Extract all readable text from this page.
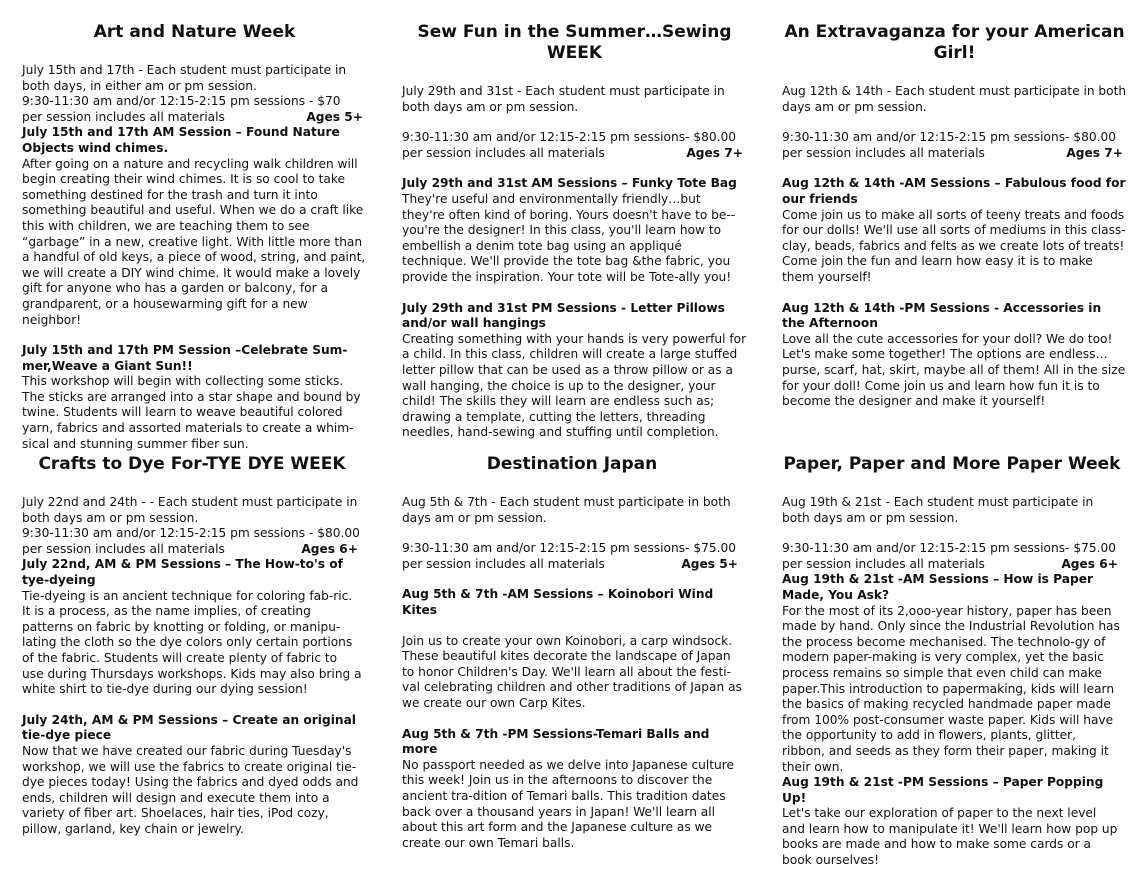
Art and Nature Week
July 15th and 17th - Each student must participate in both days, in either am or pm session.
9:30-11:30 am and/or 12:15-2:15 pm sessions - $70
per session includes all materials	Ages 5+
July 15th and 17th AM Session – Found Nature Objects wind chimes.
After going on a nature and recycling walk children will begin creating their wind chimes. It is so cool to take something destined for the trash and turn it into something beautiful and useful. When we do a craft like this with children, we are teaching them to see “garbage” in a new, creative light. With little more than a handful of old keys, a piece of wood, string, and paint, we will create a DIY wind chime. It would make a lovely gift for anyone who has a garden or balcony, for a grandparent, or a housewarming gift for a new neighbor!
July 15th and 17th PM Session –Celebrate Sum-mer,Weave a Giant Sun!!
This workshop will begin with collecting some sticks. The sticks are arranged into a star shape and bound by twine. Students will learn to weave beautiful colored yarn, fabrics and assorted materials to create a whim-sical and stunning summer fiber sun.
Sew Fun in the Summer…Sewing WEEK
July 29th and 31st - Each student must participate in both days am or pm session.
9:30-11:30 am and/or 12:15-2:15 pm sessions- $80.00
per session includes all materials	Ages 7+
July 29th and 31st AM Sessions – Funky Tote Bag
They're useful and environmentally friendly…but they're often kind of boring. Yours doesn't have to be--you're the designer! In this class, you'll learn how to embellish a denim tote bag using an appliqué technique. We'll provide the tote bag &the fabric, you provide the inspiration. Your tote will be Tote-ally you!
July 29th and 31st PM Sessions - Letter Pillows and/or wall hangings
Creating something with your hands is very powerful for a child. In this class, children will create a large stuffed letter pillow that can be used as a throw pillow or as a wall hanging, the choice is up to the designer, your child! The skills they will learn are endless such as; drawing a template, cutting the letters, threading needles, hand-sewing and stuffing until completion.
An Extravaganza for your American Girl!
Aug 12th & 14th - Each student must participate in both days am or pm session.
9:30-11:30 am and/or 12:15-2:15 pm sessions- $80.00
per session includes all materials	Ages 7+
Aug 12th & 14th -AM Sessions – Fabulous food for our friends
Come join us to make all sorts of teeny treats and foods for our dolls! We'll use all sorts of mediums in this class- clay, beads, fabrics and felts as we create lots of treats! Come join the fun and learn how easy it is to make them yourself!
Aug 12th & 14th -PM Sessions - Accessories in the Afternoon
Love all the cute accessories for your doll? We do too! Let's make some together! The options are endless… purse, scarf, hat, skirt, maybe all of them! All in the size for your doll! Come join us and learn how fun it is to become the designer and make it yourself!
Crafts to Dye For-TYE DYE WEEK
July 22nd and 24th - - Each student must participate in both days am or pm session.
9:30-11:30 am and/or 12:15-2:15 pm sessions - $80.00
per session includes all materials	Ages 6+
July 22nd, AM & PM Sessions – The How-to's of tye-dyeing
Tie-dyeing is an ancient technique for coloring fab-ric. It is a process, as the name implies, of creating patterns on fabric by knotting or folding, or manipu-lating the cloth so the dye colors only certain portions of the fabric. Students will create plenty of fabric to use during Thursdays workshops. Kids may also bring a white shirt to tie-dye during our dying session!
July 24th, AM & PM Sessions – Create an original tie-dye piece
Now that we have created our fabric during Tuesday's workshop, we will use the fabrics to create original tie-dye pieces today! Using the fabrics and dyed odds and ends, children will design and execute them into a variety of fiber art. Shoelaces, hair ties, iPod cozy, pillow, garland, key chain or jewelry.
Destination Japan
Aug 5th & 7th - Each student must participate in both days am or pm session.
9:30-11:30 am and/or 12:15-2:15 pm sessions- $75.00
per session includes all materials	Ages 5+
Aug 5th & 7th -AM Sessions – Koinobori Wind Kites
Join us to create your own Koinobori, a carp windsock. These beautiful kites decorate the landscape of Japan to honor Children's Day. We'll learn all about the festi-val celebrating children and other traditions of Japan as we create our own Carp Kites.
Aug 5th & 7th -PM Sessions-Temari Balls and more
No passport needed as we delve into Japanese culture this week! Join us in the afternoons to discover the ancient tra-dition of Temari balls. This tradition dates back over a thousand years in Japan! We'll learn all about this art form and the Japanese culture as we create our own Temari balls.
Paper, Paper and More Paper Week
Aug 19th & 21st - Each student must participate in both days am or pm session.
9:30-11:30 am and/or 12:15-2:15 pm sessions- $75.00
per session includes all materials	Ages 6+
Aug 19th & 21st -AM Sessions – How is Paper Made, You Ask?
For the most of its 2,ooo-year history, paper has been made by hand. Only since the Industrial Revolution has the process become mechanised. The technolo-gy of modern paper-making is very complex, yet the basic process remains so simple that even child can make paper.This introduction to papermaking, kids will learn the basics of making recycled handmade paper made from 100% post-consumer waste paper. Kids will have the opportunity to add in flowers, plants, glitter, ribbon, and seeds as they form their paper, making it their own.
Aug 19th & 21st -PM Sessions – Paper Popping Up!
Let's take our exploration of paper to the next level and learn how to manipulate it! We'll learn how pop up books are made and how to make some cards or a book ourselves!
